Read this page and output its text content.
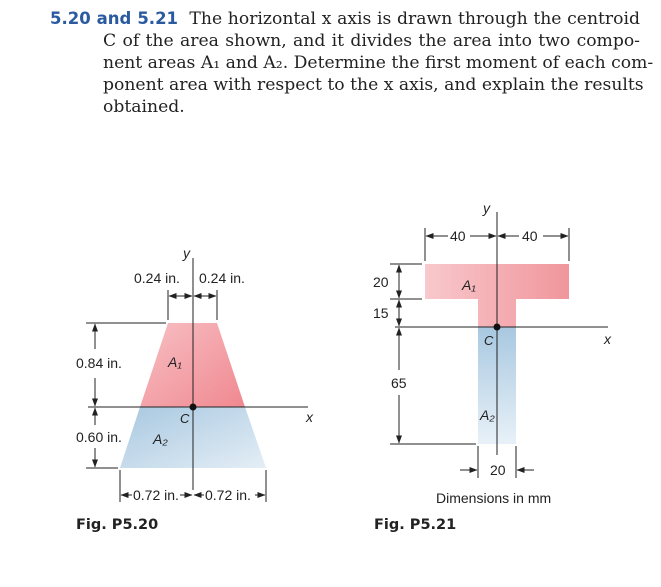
5.20 and 5.21 The horizontal x axis is drawn through the centroid
C of the area shown, and it divides the area into two compo-
nent areas A₁ and A₂. Determine the first moment of each com-
ponent area with respect to the x axis, and explain the results
obtained.
y
x
C
A₁
A₂
0.24 in. 0.24 in.
0.84 in.
0.60 in.
0.72 in. 0.72 in.
y
x
C
A₁
A₂
40	40
20
15
65
20
Dimensions in mm
Fig. P5.20	Fig. P5.21
